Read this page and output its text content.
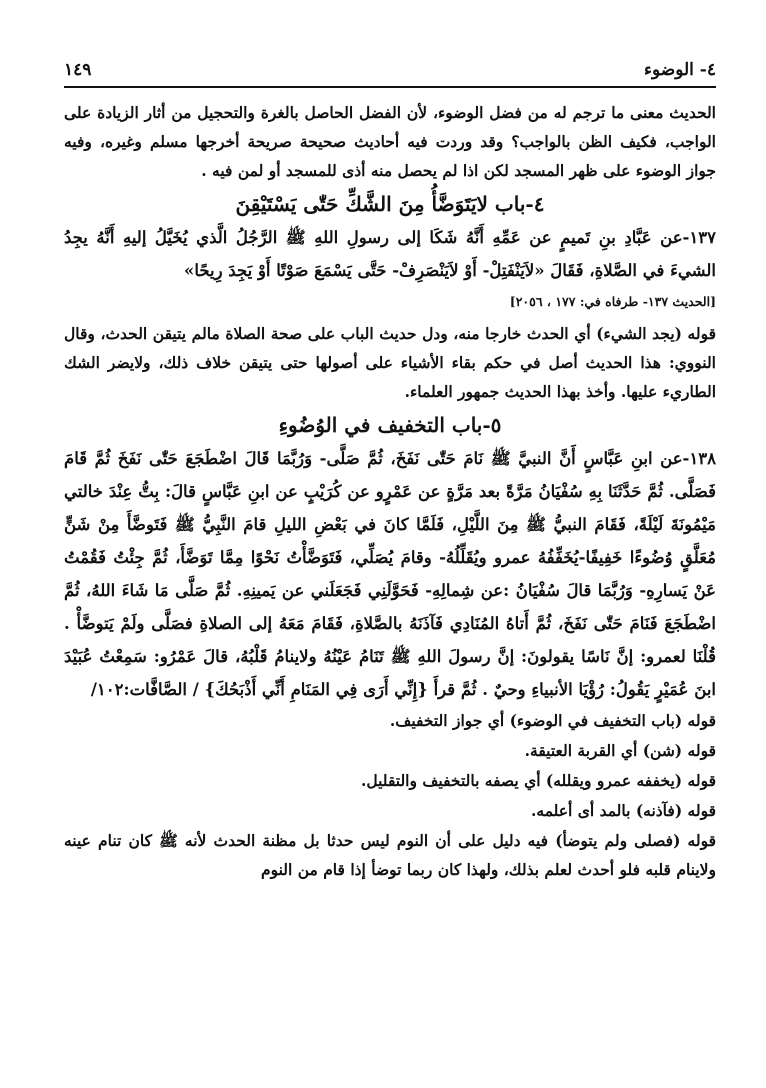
٤- الوضوء
١٤٩

الحديث معنى ما ترجم له من فضل الوضوء، لأن الفضل الحاصل بالغرة والتحجيل من أثار الزيادة على الواجب، فكيف الظن بالواجب؟ وقد وردت فيه أحاديث صحيحة صريحة أخرجها مسلم وغيره، وفيه جواز الوضوء على ظهر المسجد لكن اذا لم يحصل منه أذى للمسجد أو لمن فيه .

٤-باب لايَتَوَضَّأُ مِنَ الشَّكِّ حَتّٰى يَسْتَيْقِنَ

١٣٧-عن عَبَّادِ بنِ تَميمٍ عن عَمِّهِ أَنَّهُ شَكَا إلى رسولِ اللهِ ﷺ الرَّجُلُ الَّذي يُخَيَّلُ إليهِ أَنَّهُ يجِدُ الشيءَ في الصَّلاةِ، فَقَالَ «لاَيَنْفَتِلْ- أَوْ لاَيَنْصَرِفْ- حَتَّى يَسْمَعَ صَوْتًا أَوْ يَجِدَ رِيحًا»

[الحديث ١٣٧- طرفاه في: ١٧٧ ، ٢٠٥٦]

قوله (يجد الشيء) أي الحدث خارجا منه، ودل حديث الباب على صحة الصلاة مالم يتيقن الحدث، وقال النووي: هذا الحديث أصل في حكم بقاء الأشياء على أصولها حتى يتيقن خلاف ذلك، ولايضر الشك الطاريء عليها. وأخذ بهذا الحديث جمهور العلماء.

٥-باب التخفيف في الوُضُوءِ

١٣٨-عن ابنِ عَبَّاسٍ أَنَّ النبيَّ ﷺ نَامَ حَتّٰى نَفَخَ، ثُمَّ صَلَّى- وَرُبَّمَا قَالَ اضْطَجَعَ حَتّٰى نَفَخَ ثُمَّ قَامَ فَصَلَّى. ثُمَّ حَدَّثَنَا بِهِ سُفْيَانُ مَرَّةً بعد مَرَّةٍ عن عَمْرٍو عن كُرَيْبٍ عن ابنِ عَبَّاسٍ قالَ: بِتُّ عِنْدَ خالتي مَيْمُونَةَ لَيْلَةً، فَقَامَ النبيُّ ﷺ مِنَ اللَّيْلِ، فَلَمَّا كانَ في بَعْضِ الليلِ قامَ النَّبِيُّ ﷺ فَتَوضَّأَ مِنْ شَنٍّ مُعَلَّقٍ وُضُوءًا خَفِيفًا-يُخَفِّفُهُ عمرو ويُقَلِّلُهُ- وقامَ يُصَلِّي، فَتَوَضَّأْتُ نَحْوًا مِمَّا تَوَضَّأَ، ثُمَّ جِئْتُ فَقُمْتُ عَنْ يَسارِهِ- وَرُبَّمَا قالَ سُفْيَانُ :عن شِمالِهِ- فَحَوَّلَنِي فَجَعَلَني عن يَمينِهِ. ثُمَّ صَلَّى مَا شَاءَ اللهُ، ثُمَّ اضْطَجَعَ فَنَامَ حَتّٰى نَفَخَ، ثُمَّ أَتاهُ المُنَادِي فَآذَنَهُ بالصَّلاةِ، فَقَامَ مَعَهُ إلى الصلاةِ فصَلَّى ولَمْ يَتوضَّأْ . قُلْنَا لعمرو: إنَّ نَاسًا يقولونَ: إنَّ رسولَ اللهِ ﷺ تَنَامُ عَيْنُهُ ولاينامُ قَلْبُهُ، قالَ عَمْرُو: سَمِعْتُ عُبَيْدَ ابنَ عُمَيْرٍ يَقُولُ: رُؤْيَا الأنبياءِ وحيٌ . ثُمَّ قرأَ {إِنِّي أَرَى فِي المَنَامِ أَنِّي أَذْبَحُكَ} / الصَّافَّات:١٠٢/

قوله (باب التخفيف في الوضوء) أي جواز التخفيف.
قوله (شن) أي القربة العتيقة.
قوله (يخففه عمرو ويقلله) أي يصفه بالتخفيف والتقليل.
قوله (فآذنه) بالمد أى أعلمه.

قوله (فصلى ولم يتوضأ) فيه دليل على أن النوم ليس حدثا بل مظنة الحدث لأنه ﷺ كان تنام عينه ولاينام قلبه فلو أحدث لعلم بذلك، ولهذا كان ربما توضأ إذا قام من النوم
